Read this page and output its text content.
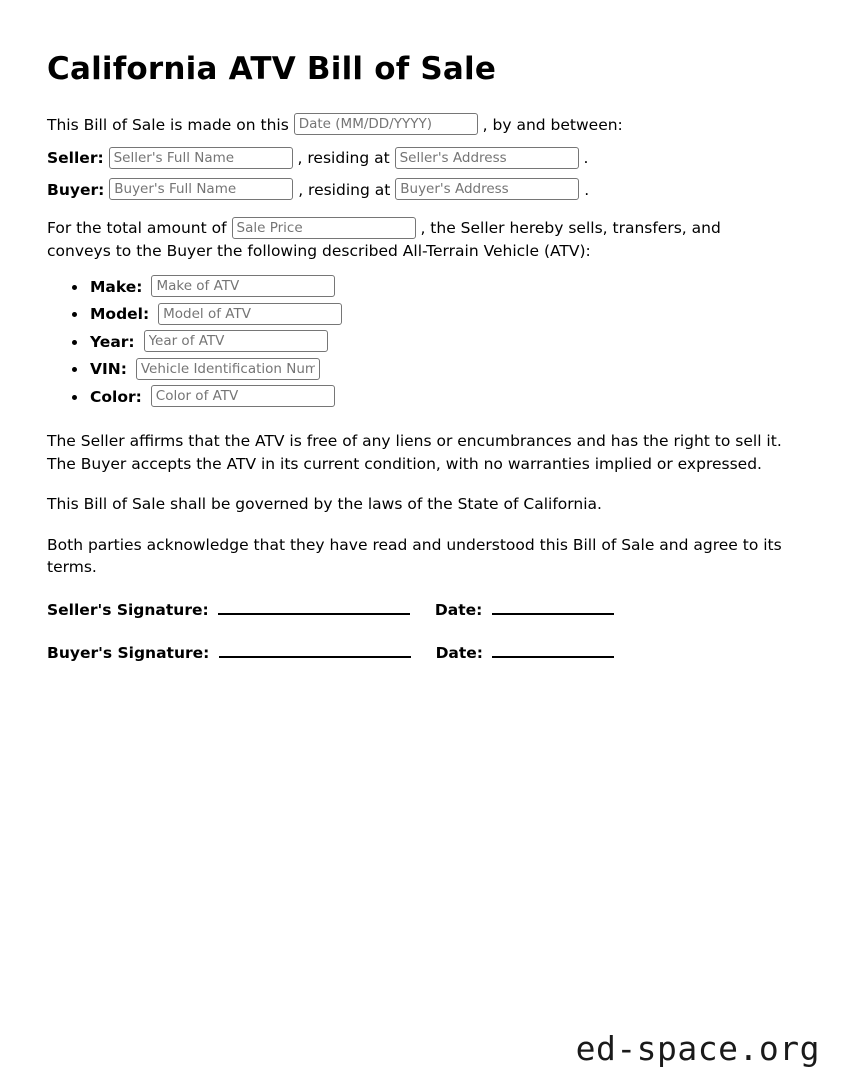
California ATV Bill of Sale

This Bill of Sale is made on this Date (MM/DD/YYYY)	, by and between:

Seller: Seller's Full Name	, residing at Seller's Address	.

Buyer: Buyer's Full Name	, residing at Buyer's Address	.

For the total amount of Sale Price	, the Seller hereby sells, transfers, and conveys to the Buyer the following described All-Terrain Vehicle (ATV):

• Make: Make of ATV
• Model: Model of ATV
• Year: Year of ATV
• VIN: Vehicle Identification Number
• Color: Color of ATV

The Seller affirms that the ATV is free of any liens or encumbrances and has the right to sell it. The Buyer accepts the ATV in its current condition, with no warranties implied or expressed.

This Bill of Sale shall be governed by the laws of the State of California.

Both parties acknowledge that they have read and understood this Bill of Sale and agree to its terms.

Seller's Signature:	Date:
Buyer's Signature:	Date:
ed-space.org
